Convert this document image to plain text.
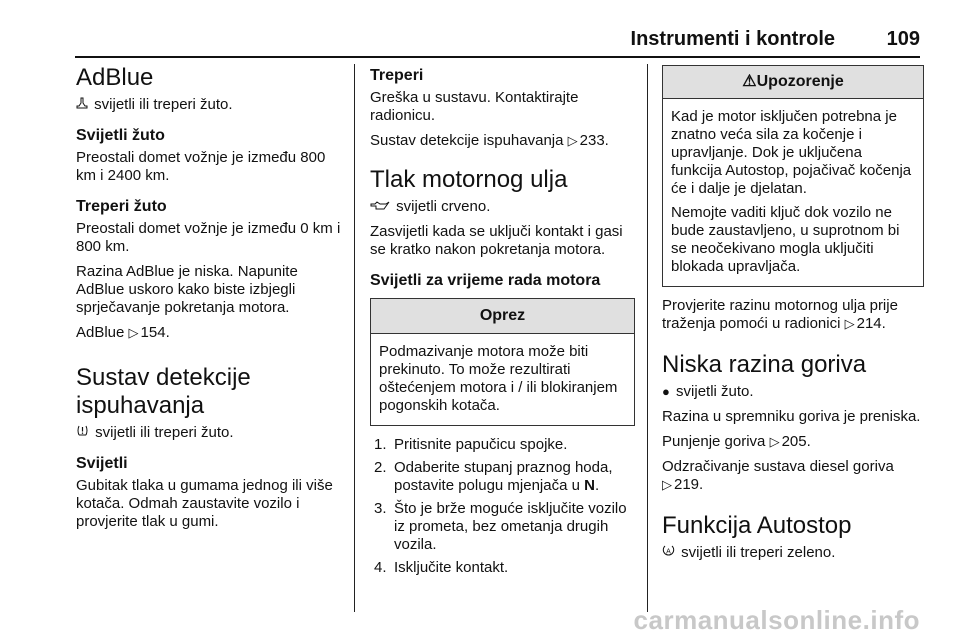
Instrumenti i kontrole	109
AdBlue

svijetli ili treperi žuto.

Svijetli žuto

Preostali domet vožnje je između 800 km i 2400 km.

Treperi žuto

Preostali domet vožnje je između 0 km i 800 km.

Razina AdBlue je niska. Napunite AdBlue uskoro kako biste izbjegli sprječavanje pokretanja motora.

AdBlue ▷ 154.

Sustav detekcije ispuhavanja

svijetli ili treperi žuto.

Svijetli

Gubitak tlaka u gumama jednog ili više kotača. Odmah zaustavite vozilo i provjerite tlak u gumi.

Treperi

Greška u sustavu. Kontaktirajte radionicu.

Sustav detekcije ispuhavanja ▷ 233.

Tlak motornog ulja

svijetli crveno.

Zasvijetli kada se uključi kontakt i gasi se kratko nakon pokretanja motora.

Svijetli za vrijeme rada motora
Oprez

Podmazivanje motora može biti prekinuto. To može rezultirati oštećenjem motora i / ili blokiranjem pogonskih kotača.

1. Pritisnite papučicu spojke.
2. Odaberite stupanj praznog hoda, postavite polugu mjenjača u N.
3. Što je brže moguće isključite vozilo iz prometa, bez ometanja drugih vozila.
4. Isključite kontakt.
⚠Upozorenje

Kad je motor isključen potrebna je znatno veća sila za kočenje i upravljanje. Dok je uključena funkcija Autostop, pojačivač kočenja će i dalje je djelatan.

Nemojte vaditi ključ dok vozilo ne bude zaustavljeno, u suprotnom bi se neočekivano mogla uključiti blokada upravljača.

Provjerite razinu motornog ulja prije traženja pomoći u radionici ▷ 214.

Niska razina goriva

● svijetli žuto.

Razina u spremniku goriva je preniska.

Punjenje goriva ▷ 205.

Odzračivanje sustava diesel goriva
▷ 219.

Funkcija Autostop

A svijetli ili treperi zeleno.

carmanualsonline.info
